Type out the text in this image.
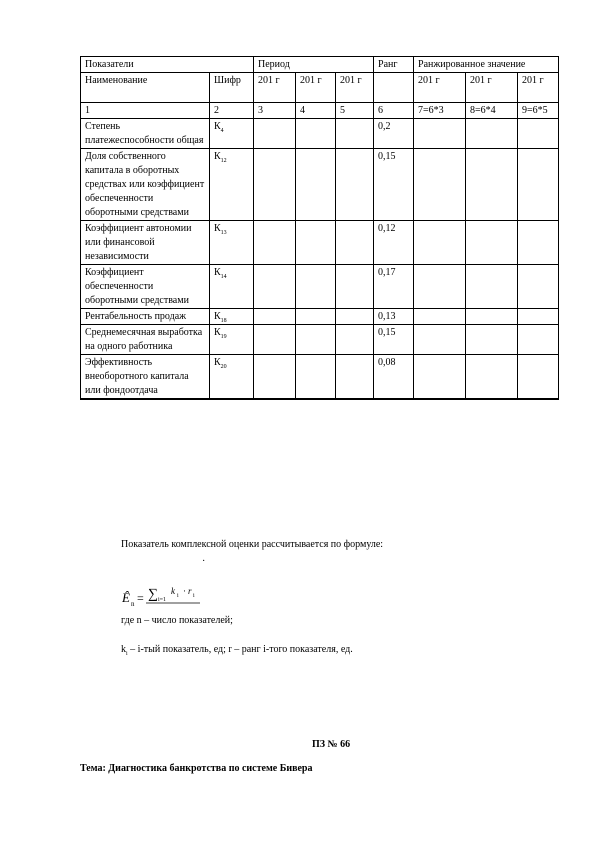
Показатели		Период			Ранг	Ранжированное значение		
Наименование	Шифр	201 г	201 г	201 г		201 г	201 г	201 г
1	2	3	4	5	6	7=6*3	8=6*4	9=6*5
Степень платежеспособности общая	$К_4$				0,2			
Доля собственного капитала в оборотных средствах или коэффициент обеспеченности оборотными средствами	$К_{12}$				0,15			
Коэффициент автономии или финансовой независимости	$К_{13}$				0,12			
Коэффициент обеспеченности оборотными средствами	$К_{14}$				0,17			
Рентабельность продаж	$К_{18}$				0,13			
Среднемесячная выработка на одного работника	$К_{19}$				0,15			
Эффективность внеоборотного капитала или фондоотдача	$К_{20}$				0,08			
Показатель комплексной оценки рассчитывается по формуле:
·
Ê n = ∑ i=1
k i · r i
где n – число показателей;
$k_i - i-тый$ показатель, ед; r – ранг i-того показателя, ед.
ПЗ № 66
Тема: Диагностика банкротства по системе Бивера
